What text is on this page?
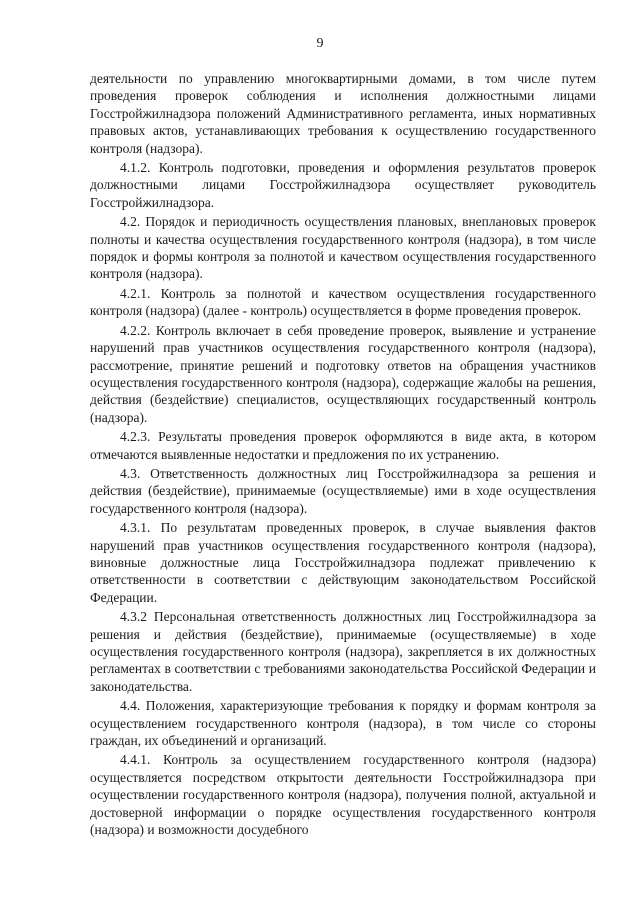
9

деятельности по управлению многоквартирными домами, в том числе путем проведения проверок соблюдения и исполнения должностными лицами Госстройжилнадзора положений Административного регламента, иных нормативных правовых актов, устанавливающих требования к осуществлению государственного контроля (надзора).

4.1.2. Контроль подготовки, проведения и оформления результатов проверок должностными лицами Госстройжилнадзора осуществляет руководитель Госстройжилнадзора.

4.2. Порядок и периодичность осуществления плановых, внеплановых проверок полноты и качества осуществления государственного контроля (надзора), в том числе порядок и формы контроля за полнотой и качеством осуществления государственного контроля (надзора).

4.2.1. Контроль за полнотой и качеством осуществления государственного контроля (надзора) (далее - контроль) осуществляется в форме проведения проверок.

4.2.2. Контроль включает в себя проведение проверок, выявление и устранение нарушений прав участников осуществления государственного контроля (надзора), рассмотрение, принятие решений и подготовку ответов на обращения участников осуществления государственного контроля (надзора), содержащие жалобы на решения, действия (бездействие) специалистов, осуществляющих государственный контроль (надзора).

4.2.3. Результаты проведения проверок оформляются в виде акта, в котором отмечаются выявленные недостатки и предложения по их устранению.

4.3. Ответственность должностных лиц Госстройжилнадзора за решения и действия (бездействие), принимаемые (осуществляемые) ими в ходе осуществления государственного контроля (надзора).

4.3.1. По результатам проведенных проверок, в случае выявления фактов нарушений прав участников осуществления государственного контроля (надзора), виновные должностные лица Госстройжилнадзора подлежат привлечению к ответственности в соответствии с действующим законодательством Российской Федерации.

4.3.2 Персональная ответственность должностных лиц Госстройжилнадзора за решения и действия (бездействие), принимаемые (осуществляемые) в ходе осуществления государственного контроля (надзора), закрепляется в их должностных регламентах в соответствии с требованиями законодательства Российской Федерации и законодательства.

4.4. Положения, характеризующие требования к порядку и формам контроля за осуществлением государственного контроля (надзора), в том числе со стороны граждан, их объединений и организаций.

4.4.1. Контроль за осуществлением государственного контроля (надзора) осуществляется посредством открытости деятельности Госстройжилнадзора при осуществлении государственного контроля (надзора), получения полной, актуальной и достоверной информации о порядке осуществления государственного контроля (надзора) и возможности досудебного
